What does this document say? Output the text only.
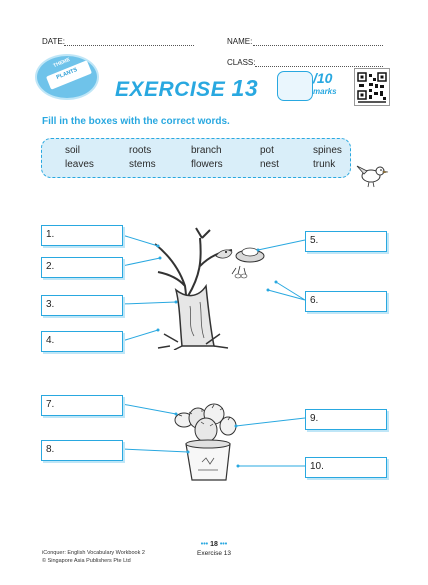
DATE:	NAME:
CLASS:
THEME
PLANTS
EXERCISE 13	/10
marks
Fill in the boxes with the correct words.
soil	roots	branch	pot	spines
leaves	stems	flowers	nest	trunk
1.
2.
3.
4.
5.
6.
7.
8.
9.
10.
••• 18 •••
Exercise 13
iConquer: English Vocabulary Workbook 2
© Singapore Asia Publishers Pte Ltd
